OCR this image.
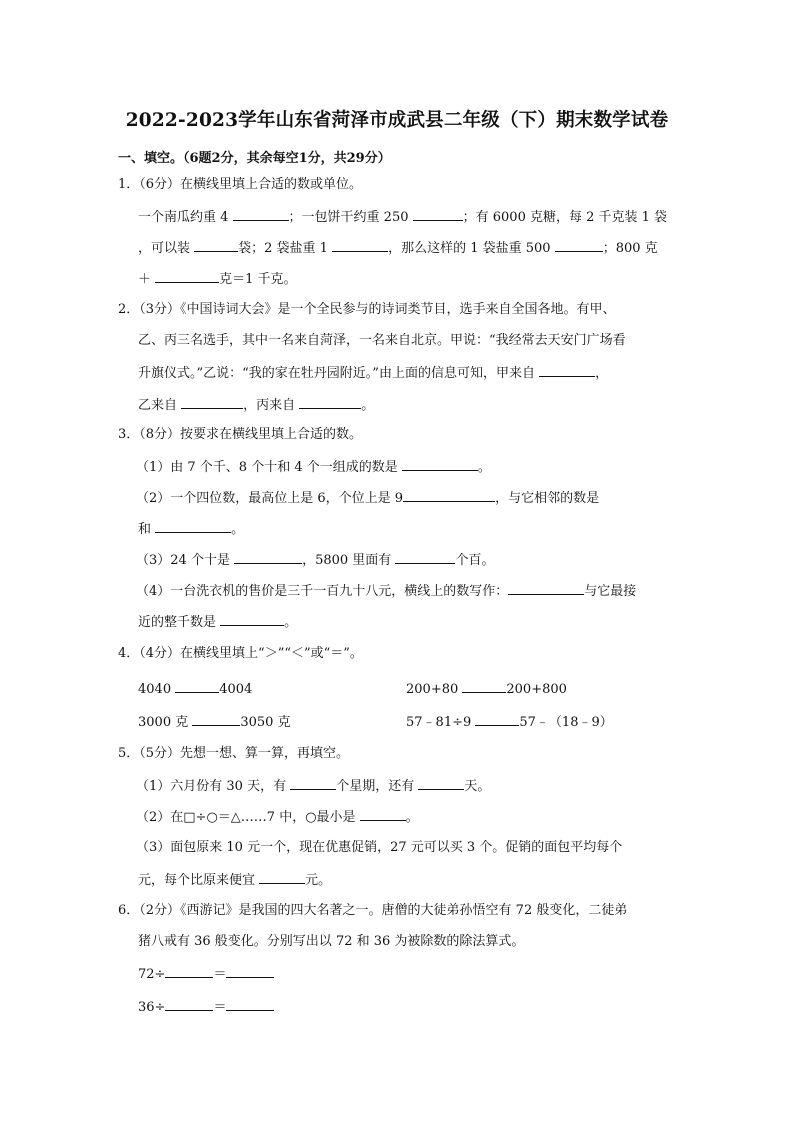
2022-2023学年山东省菏泽市成武县二年级（下）期末数学试卷
一、填空。（6题2分，其余每空1分，共29分）
1．（6分）在横线里填上合适的数或单位。
一个南瓜约重 4	；一包饼干约重 250	；有 6000 克糖，每 2 千克装 1 袋
，可以装	袋；2 袋盐重 1	，那么这样的 1 袋盐重 500	；800 克
＋	克＝1 千克。
2．（3分）《中国诗词大会》是一个全民参与的诗词类节目，选手来自全国各地。有甲、
乙、丙三名选手，其中一名来自菏泽，一名来自北京。甲说：“我经常去天安门广场看
升旗仪式。”乙说：“我的家在牡丹园附近。”由上面的信息可知，甲来自	，
乙来自	，丙来自	。
3．（8分）按要求在横线里填上合适的数。
（1）由 7 个千、8 个十和 4 个一组成的数是	。
（2）一个四位数，最高位上是 6，个位上是 9	，与它相邻的数是
和	。
（3）24 个十是	，5800 里面有	个百。
（4）一台洗衣机的售价是三千一百九十八元，横线上的数写作：	与它最接
近的整千数是	。
4．（4分）在横线里填上“＞”“＜”或“＝”。
4040	4004	200+80	200+800
3000 克	3050 克	57﹣81÷9	57﹣（18﹣9）
5．（5分）先想一想、算一算，再填空。
（1）六月份有 30 天，有	个星期，还有	天。
（2）在□÷○＝△……7 中，○最小是	。
（3）面包原来 10 元一个，现在优惠促销，27 元可以买 3 个。促销的面包平均每个
元，每个比原来便宜	元。
6．（2分）《西游记》是我国的四大名著之一。唐僧的大徒弟孙悟空有 72 般变化，二徒弟
猪八戒有 36 般变化。分别写出以 72 和 36 为被除数的除法算式。
72÷	＝
36÷	＝
